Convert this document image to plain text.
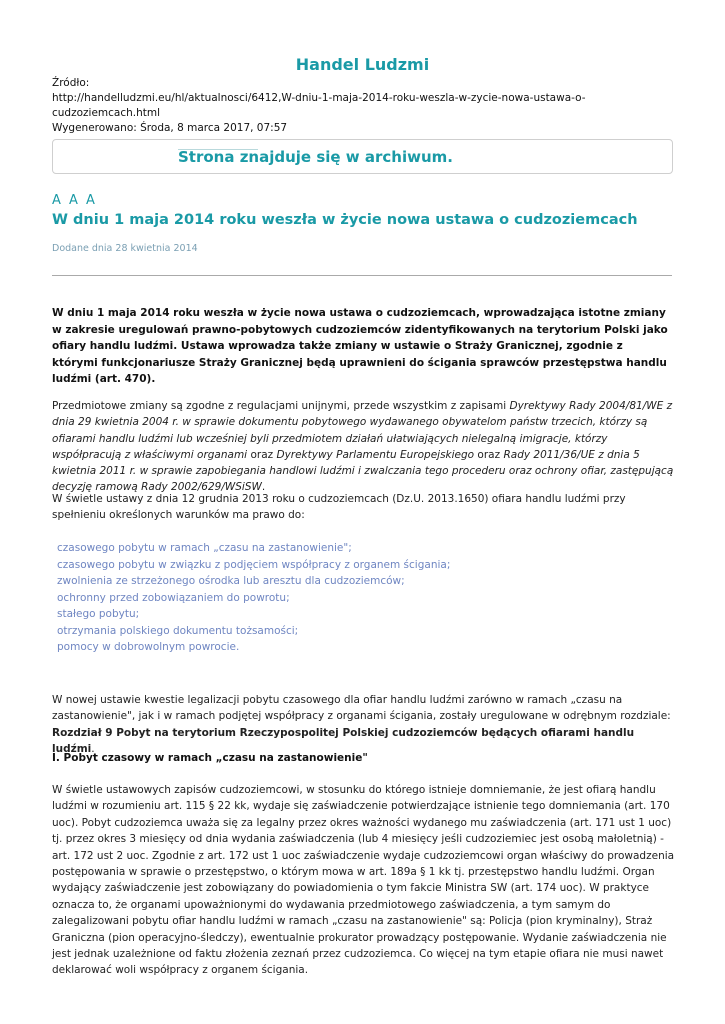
Handel Ludzmi
Źródło:
http://handelludzmi.eu/hl/aktualnosci/6412,W-dniu-1-maja-2014-roku-weszla-w-zycie-nowa-ustawa-o-cudzoziemcach.html
Wygenerowano: Środa, 8 marca 2017, 07:57
Strona znajduje się w archiwum.
A A A
W dniu 1 maja 2014 roku weszła w życie nowa ustawa o cudzoziemcach
Dodane dnia 28 kwietnia 2014
W dniu 1 maja 2014 roku weszła w życie nowa ustawa o cudzoziemcach, wprowadzająca istotne zmiany w zakresie uregulowań prawno-pobytowych cudzoziemców zidentyfikowanych na terytorium Polski jako ofiary handlu ludźmi. Ustawa wprowadza także zmiany w ustawie o Straży Granicznej, zgodnie z którymi funkcjonariusze Straży Granicznej będą uprawnieni do ścigania sprawców przestępstwa handlu ludźmi (art. 470).
Przedmiotowe zmiany są zgodne z regulacjami unijnymi, przede wszystkim z zapisami Dyrektywy Rady 2004/81/WE z dnia 29 kwietnia 2004 r. w sprawie dokumentu pobytowego wydawanego obywatelom państw trzecich, którzy są ofiarami handlu ludźmi lub wcześniej byli przedmiotem działań ułatwiających nielegalną imigracje, którzy współpracują z właściwymi organami oraz Dyrektywy Parlamentu Europejskiego oraz Rady 2011/36/UE z dnia 5 kwietnia 2011 r. w sprawie zapobiegania handlowi ludźmi i zwalczania tego procederu oraz ochrony ofiar, zastępującą decyzję ramową Rady 2002/629/WSiSW.
W świetle ustawy z dnia 12 grudnia 2013 roku o cudzoziemcach (Dz.U. 2013.1650) ofiara handlu ludźmi przy spełnieniu określonych warunków ma prawo do:
czasowego pobytu w ramach „czasu na zastanowienie";
czasowego pobytu w związku z podjęciem współpracy z organem ścigania;
zwolnienia ze strzeżonego ośrodka lub aresztu dla cudzoziemców;
ochronny przed zobowiązaniem do powrotu;
stałego pobytu;
otrzymania polskiego dokumentu tożsamości;
pomocy w dobrowolnym powrocie.
W nowej ustawie kwestie legalizacji pobytu czasowego dla ofiar handlu ludźmi zarówno w ramach „czasu na zastanowienie", jak i w ramach podjętej współpracy z organami ścigania, zostały uregulowane w odrębnym rozdziale: Rozdział 9 Pobyt na terytorium Rzeczypospolitej Polskiej cudzoziemców będących ofiarami handlu ludźmi.
I. Pobyt czasowy w ramach „czasu na zastanowienie"
W świetle ustawowych zapisów cudzoziemcowi, w stosunku do którego istnieje domniemanie, że jest ofiarą handlu ludźmi w rozumieniu art. 115 § 22 kk, wydaje się zaświadczenie potwierdzające istnienie tego domniemania (art. 170 uoc). Pobyt cudzoziemca uważa się za legalny przez okres ważności wydanego mu zaświadczenia (art. 171 ust 1 uoc) tj. przez okres 3 miesięcy od dnia wydania zaświadczenia (lub 4 miesięcy jeśli cudzoziemiec jest osobą małoletnią) - art. 172 ust 2 uoc. Zgodnie z art. 172 ust 1 uoc zaświadczenie wydaje cudzoziemcowi organ właściwy do prowadzenia postępowania w sprawie o przestępstwo, o którym mowa w art. 189a § 1 kk tj. przestępstwo handlu ludźmi. Organ wydający zaświadczenie jest zobowiązany do powiadomienia o tym fakcie Ministra SW (art. 174 uoc). W praktyce oznacza to, że organami upoważnionymi do wydawania przedmiotowego zaświadczenia, a tym samym do zalegalizowani pobytu ofiar handlu ludźmi w ramach „czasu na zastanowienie" są: Policja (pion kryminalny), Straż Graniczna (pion operacyjno-śledczy), ewentualnie prokurator prowadzący postępowanie. Wydanie zaświadczenia nie jest jednak uzależnione od faktu złożenia zeznań przez cudzoziemca. Co więcej na tym etapie ofiara nie musi nawet deklarować woli współpracy z organem ścigania.
